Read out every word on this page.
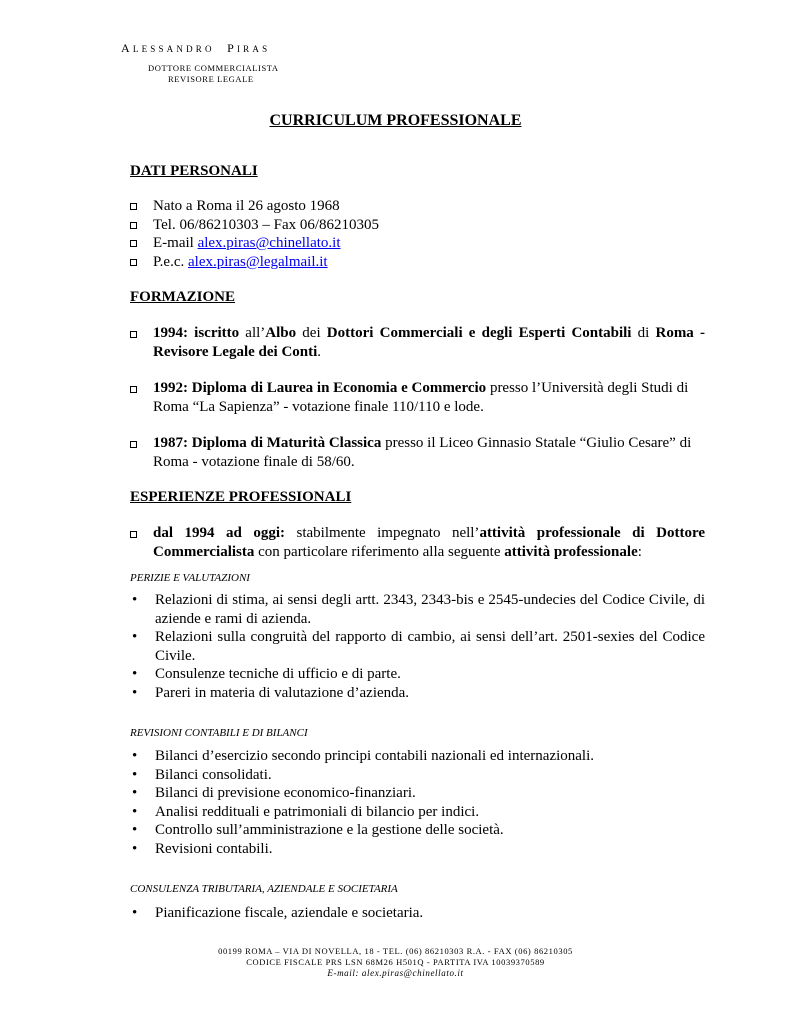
ALESSANDRO PIRAS
DOTTORE COMMERCIALISTA
REVISORE LEGALE
CURRICULUM PROFESSIONALE
DATI PERSONALI
Nato a Roma il 26 agosto 1968
Tel. 06/86210303 – Fax 06/86210305
E-mail alex.piras@chinellato.it
P.e.c. alex.piras@legalmail.it
FORMAZIONE
1994: iscritto all’Albo dei Dottori Commerciali e degli Esperti Contabili di Roma - Revisore Legale dei Conti.
1992: Diploma di Laurea in Economia e Commercio presso l’Università degli Studi di Roma “La Sapienza” - votazione finale 110/110 e lode.
1987: Diploma di Maturità Classica presso il Liceo Ginnasio Statale “Giulio Cesare” di Roma - votazione finale di 58/60.
ESPERIENZE PROFESSIONALI
dal 1994 ad oggi: stabilmente impegnato nell’attività professionale di Dottore Commercialista con particolare riferimento alla seguente attività professionale:
PERIZIE E VALUTAZIONI
• Relazioni di stima, ai sensi degli artt. 2343, 2343-bis e 2545-undecies del Codice Civile, di aziende e rami di azienda.
• Relazioni sulla congruità del rapporto di cambio, ai sensi dell’art. 2501-sexies del Codice Civile.
• Consulenze tecniche di ufficio e di parte.
• Pareri in materia di valutazione d’azienda.
REVISIONI CONTABILI E DI BILANCI
• Bilanci d’esercizio secondo principi contabili nazionali ed internazionali.
• Bilanci consolidati.
• Bilanci di previsione economico-finanziari.
• Analisi reddituali e patrimoniali di bilancio per indici.
• Controllo sull’amministrazione e la gestione delle società.
• Revisioni contabili.
CONSULENZA TRIBUTARIA, AZIENDALE E SOCIETARIA
• Pianificazione fiscale, aziendale e societaria.
00199 ROMA – VIA DI NOVELLA, 18 - TEL. (06) 86210303 R.A. - FAX (06) 86210305
CODICE FISCALE PRS LSN 68M26 H501Q - PARTITA IVA 10039370589
E-mail: alex.piras@chinellato.it
